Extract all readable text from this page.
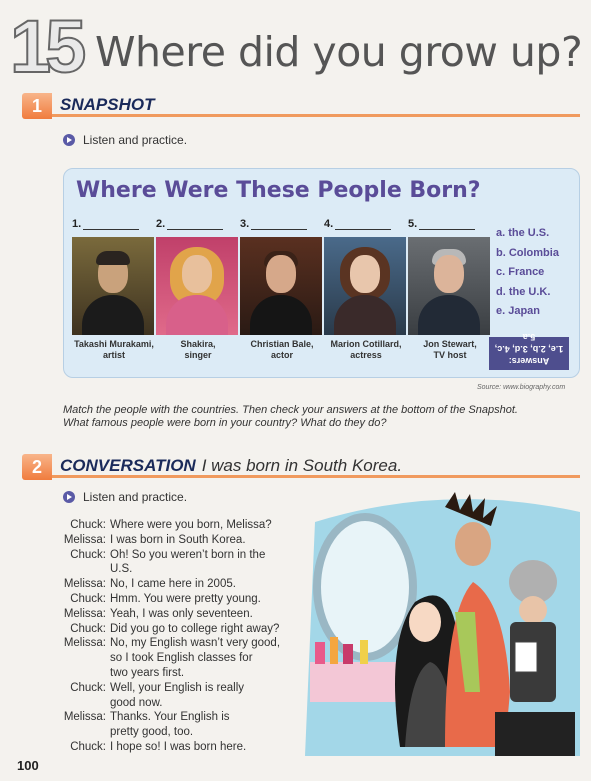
15 Where did you grow up?
1	SNAPSHOT
Listen and practice.
Where Were These People Born?
1.	2.	3.	4.	5.
Takashi Murakami,
artist
Shakira,
singer
Christian Bale,
actor
Marion Cotillard,
actress
Jon Stewart,
TV host
a. the U.S.
b. Colombia
c. France
d. the U.K.
e. Japan
Answers:
1.e, 2.b, 3.d, 4.c, 5.a
Source: www.biography.com
Match the people with the countries. Then check your answers at the bottom of the Snapshot.
What famous people were born in your country? What do they do?
2	CONVERSATION I was born in South Korea.
Listen and practice.
Chuck: Where were you born, Melissa?
Melissa: I was born in South Korea.
Chuck: Oh! So you weren’t born in the U.S.
Melissa: No, I came here in 2005.
Chuck: Hmm. You were pretty young.
Melissa: Yeah, I was only seventeen.
Chuck: Did you go to college right away?
Melissa: No, my English wasn’t very good,
so I took English classes for
two years first.
Chuck: Well, your English is really
good now.
Melissa: Thanks. Your English is
pretty good, too.
Chuck: I hope so! I was born here.
100
